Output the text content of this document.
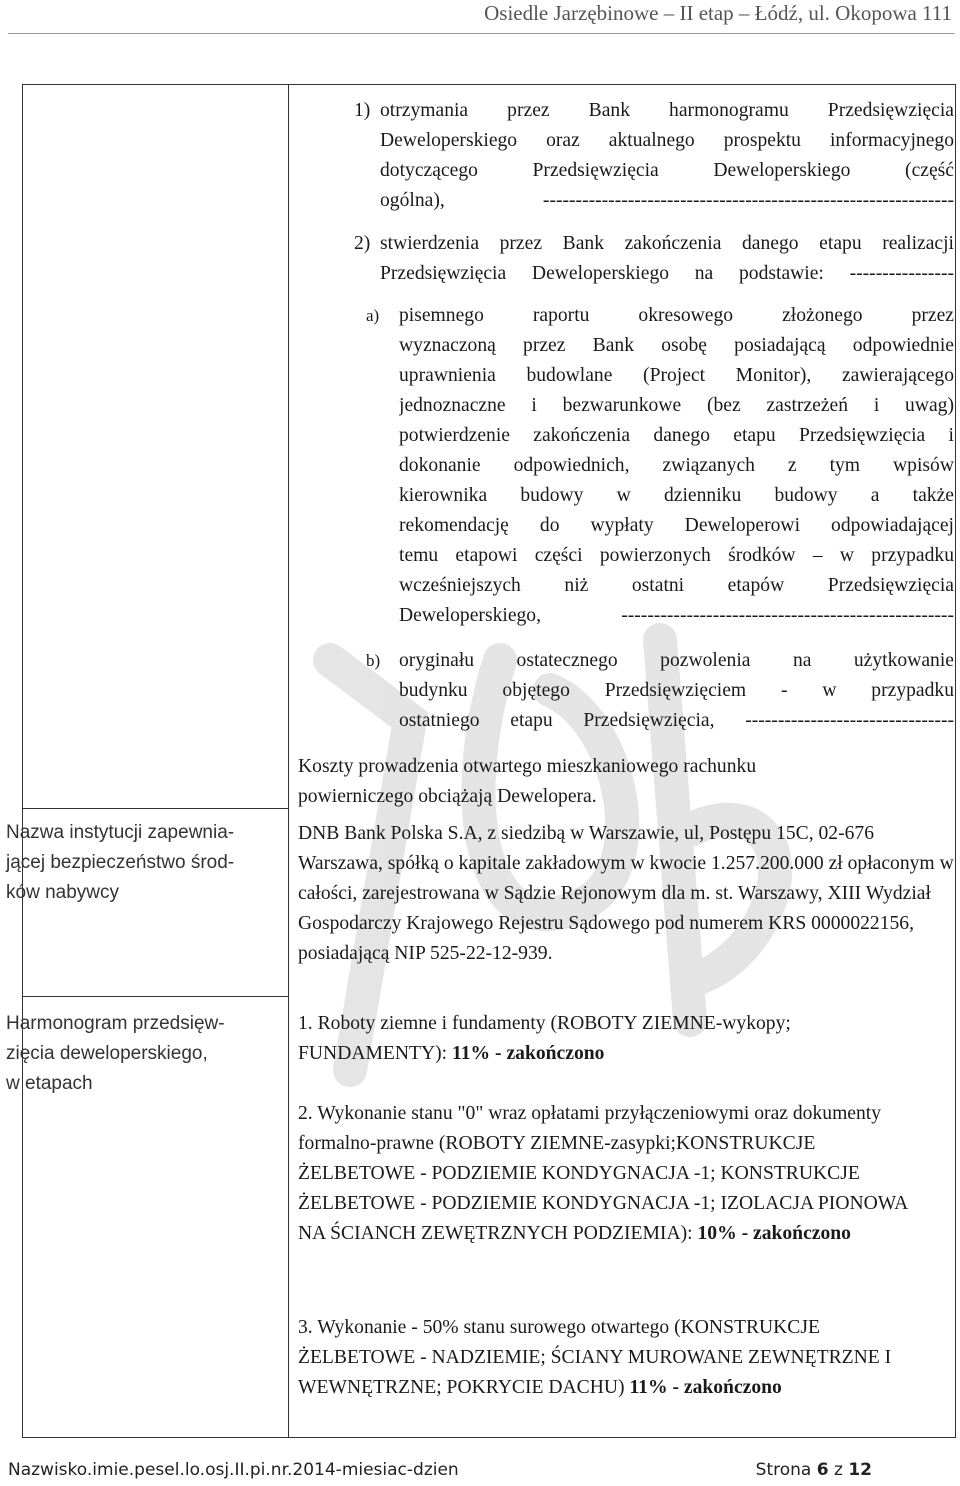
Osiedle Jarzębinowe – II etap – Łódź, ul. Okopowa 111
Nazwa instytucji zapewnia-
jącej bezpieczeństwo środ-
ków nabywcy
Harmonogram przedsięw-
zięcia deweloperskiego,
w etapach
1) otrzymania przez Bank harmonogramu Przedsięwzięcia
Deweloperskiego oraz aktualnego prospektu informacyjnego
dotyczącego Przedsięwzięcia Deweloperskiego (część
ogólna), ---------------------------------------------------------------
2) stwierdzenia przez Bank zakończenia danego etapu realizacji
Przedsięwzięcia Deweloperskiego na podstawie: ----------------
a) pisemnego raportu okresowego złożonego przez
wyznaczoną przez Bank osobę posiadającą odpowiednie
uprawnienia budowlane (Project Monitor), zawierającego
jednoznaczne i bezwarunkowe (bez zastrzeżeń i uwag)
potwierdzenie zakończenia danego etapu Przedsięwzięcia i
dokonanie odpowiednich, związanych z tym wpisów
kierownika budowy w dzienniku budowy a także
rekomendację do wypłaty Deweloperowi odpowiadającej
temu etapowi części powierzonych środków – w przypadku
wcześniejszych niż ostatni etapów Przedsięwzięcia
Deweloperskiego, ---------------------------------------------------
b) oryginału ostatecznego pozwolenia na użytkowanie
budynku objętego Przedsięwzięciem - w przypadku
ostatniego etapu Przedsięwzięcia, --------------------------------
Koszty prowadzenia otwartego mieszkaniowego rachunku powierniczego obciążają Dewelopera.
DNB Bank Polska S.A, z siedzibą w Warszawie, ul, Postępu 15C, 02-676 Warszawa, spółką o kapitale zakładowym w kwocie 1.257.200.000 zł opłaconym w całości, zarejestrowana w Sądzie Rejonowym dla m. st. Warszawy, XIII Wydział Gospodarczy Krajowego Rejestru Sądowego pod numerem KRS 0000022156, posiadającą NIP 525-22-12-939.
1. Roboty ziemne i fundamenty (ROBOTY ZIEMNE-wykopy; FUNDAMENTY): 11% - zakończono
2. Wykonanie stanu "0" wraz opłatami przyłączeniowymi oraz dokumenty formalno-prawne (ROBOTY ZIEMNE-zasypki;KONSTRUKCJE ŻELBETOWE - PODZIEMIE KONDYGNACJA -1; KONSTRUKCJE ŻELBETOWE - PODZIEMIE KONDYGNACJA -1; IZOLACJA PIONOWA NA ŚCIANCH ZEWĘTRZNYCH PODZIEMIA): 10% - zakończono
3. Wykonanie - 50% stanu surowego otwartego (KONSTRUKCJE ŻELBETOWE - NADZIEMIE; ŚCIANY MUROWANE ZEWNĘTRZNE I WEWNĘTRZNE; POKRYCIE DACHU) 11% - zakończono
Nazwisko.imie.pesel.lo.osj.II.pi.nr.2014-miesiac-dzien	Strona 6 z 12
